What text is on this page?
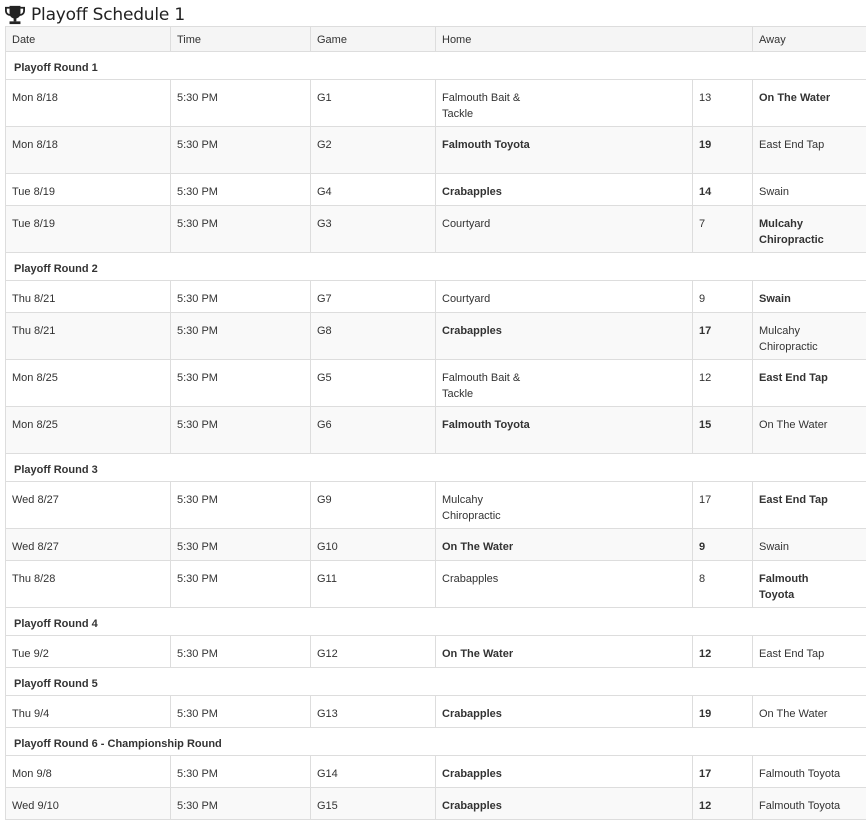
Playoff Schedule 1
Date	Time	Game	Home		Away
Playoff Round 1					
Mon 8/18	5:30 PM	G1	Falmouth Bait & Tackle	13	On The Water
Mon 8/18	5:30 PM	G2	Falmouth Toyota	19	East End Tap
Tue 8/19	5:30 PM	G4	Crabapples	14	Swain
Tue 8/19	5:30 PM	G3	Courtyard	7	Mulcahy Chiropractic
Playoff Round 2					
Thu 8/21	5:30 PM	G7	Courtyard	9	Swain
Thu 8/21	5:30 PM	G8	Crabapples	17	Mulcahy Chiropractic
Mon 8/25	5:30 PM	G5	Falmouth Bait & Tackle	12	East End Tap
Mon 8/25	5:30 PM	G6	Falmouth Toyota	15	On The Water
Playoff Round 3					
Wed 8/27	5:30 PM	G9	Mulcahy Chiropractic	17	East End Tap
Wed 8/27	5:30 PM	G10	On The Water	9	Swain
Thu 8/28	5:30 PM	G11	Crabapples	8	Falmouth Toyota
Playoff Round 4					
Tue 9/2	5:30 PM	G12	On The Water	12	East End Tap
Playoff Round 5					
Thu 9/4	5:30 PM	G13	Crabapples	19	On The Water
Playoff Round 6 - Championship Round					
Mon 9/8	5:30 PM	G14	Crabapples	17	Falmouth Toyota
Wed 9/10	5:30 PM	G15	Crabapples	12	Falmouth Toyota
